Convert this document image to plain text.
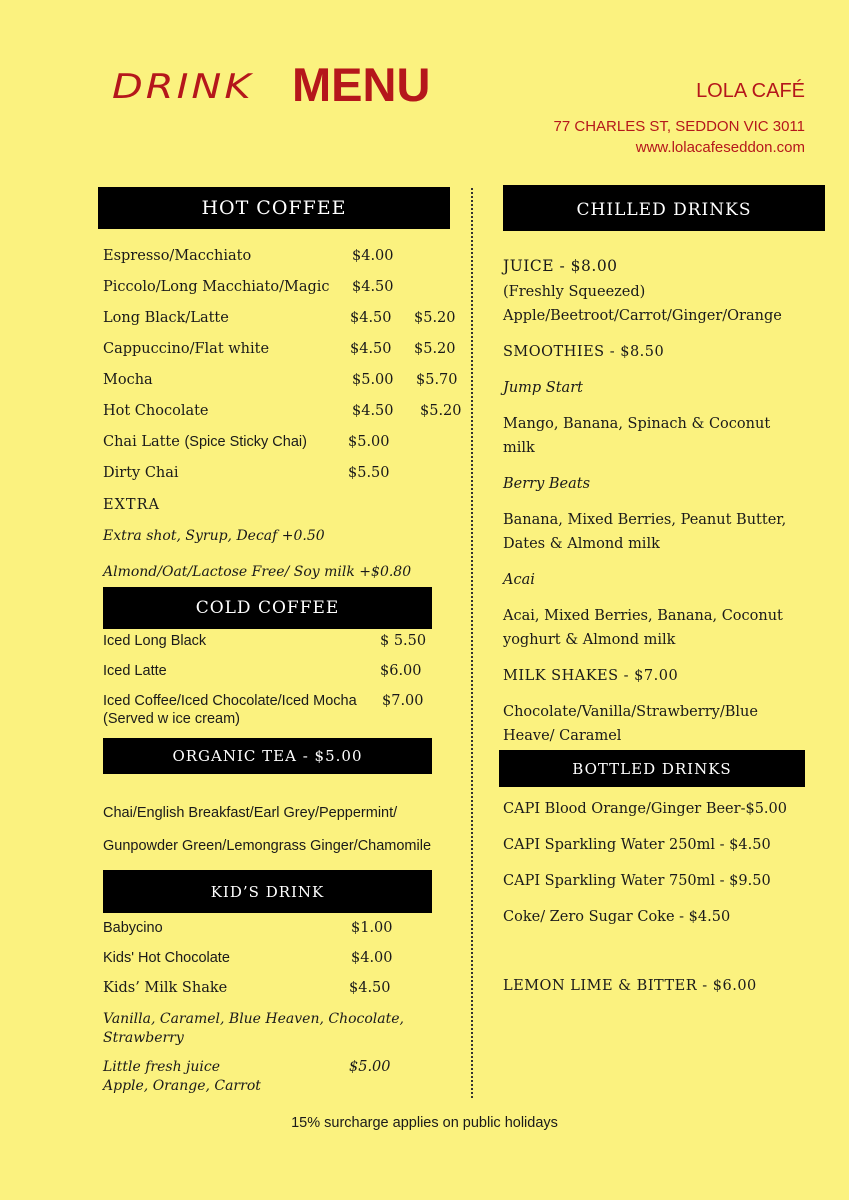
DRINK MENU	LOLA CAFÉ
77 CHARLES ST, SEDDON VIC 3011
www.lolacafeseddon.com
HOT COFFEE
Espresso/Macchiato	$4.00
Piccolo/Long Macchiato/Magic $4.50
Long Black/Latte	$4.50 $5.20
Cappuccino/Flat white	$4.50 $5.20
Mocha	$5.00 $5.70
Hot Chocolate	$4.50 $5.20
Chai Latte (Spice Sticky Chai)	$5.00
Dirty Chai	$5.50
EXTRA
Extra shot, Syrup, Decaf +0.50
Almond/Oat/Lactose Free/ Soy milk +$0.80
COLD COFFEE
Iced Long Black	$ 5.50
Iced Latte	$6.00
Iced Coffee/Iced Chocolate/Iced Mocha $7.00
(Served w ice cream)
ORGANIC TEA - $5.00
Chai/English Breakfast/Earl Grey/Peppermint/
Gunpowder Green/Lemongrass Ginger/Chamomile
KID’S DRINK
Babycino	$1.00
Kids' Hot Chocolate	$4.00
Kids’ Milk Shake	$4.50
Vanilla, Caramel, Blue Heaven, Chocolate,
Strawberry
Little fresh juice	$5.00
Apple, Orange, Carrot
CHILLED DRINKS
JUICE - $8.00
(Freshly Squeezed)
Apple/Beetroot/Carrot/Ginger/Orange
SMOOTHIES - $8.50
Jump Start
Mango, Banana, Spinach & Coconut
milk
Berry Beats
Banana, Mixed Berries, Peanut Butter,
Dates & Almond milk
Acai
Acai, Mixed Berries, Banana, Coconut
yoghurt & Almond milk
MILK SHAKES - $7.00
Chocolate/Vanilla/Strawberry/Blue
Heave/ Caramel
BOTTLED DRINKS
CAPI Blood Orange/Ginger Beer-$5.00
CAPI Sparkling Water 250ml - $4.50
CAPI Sparkling Water 750ml - $9.50
Coke/ Zero Sugar Coke - $4.50
LEMON LIME & BITTER - $6.00
15% surcharge applies on public holidays
